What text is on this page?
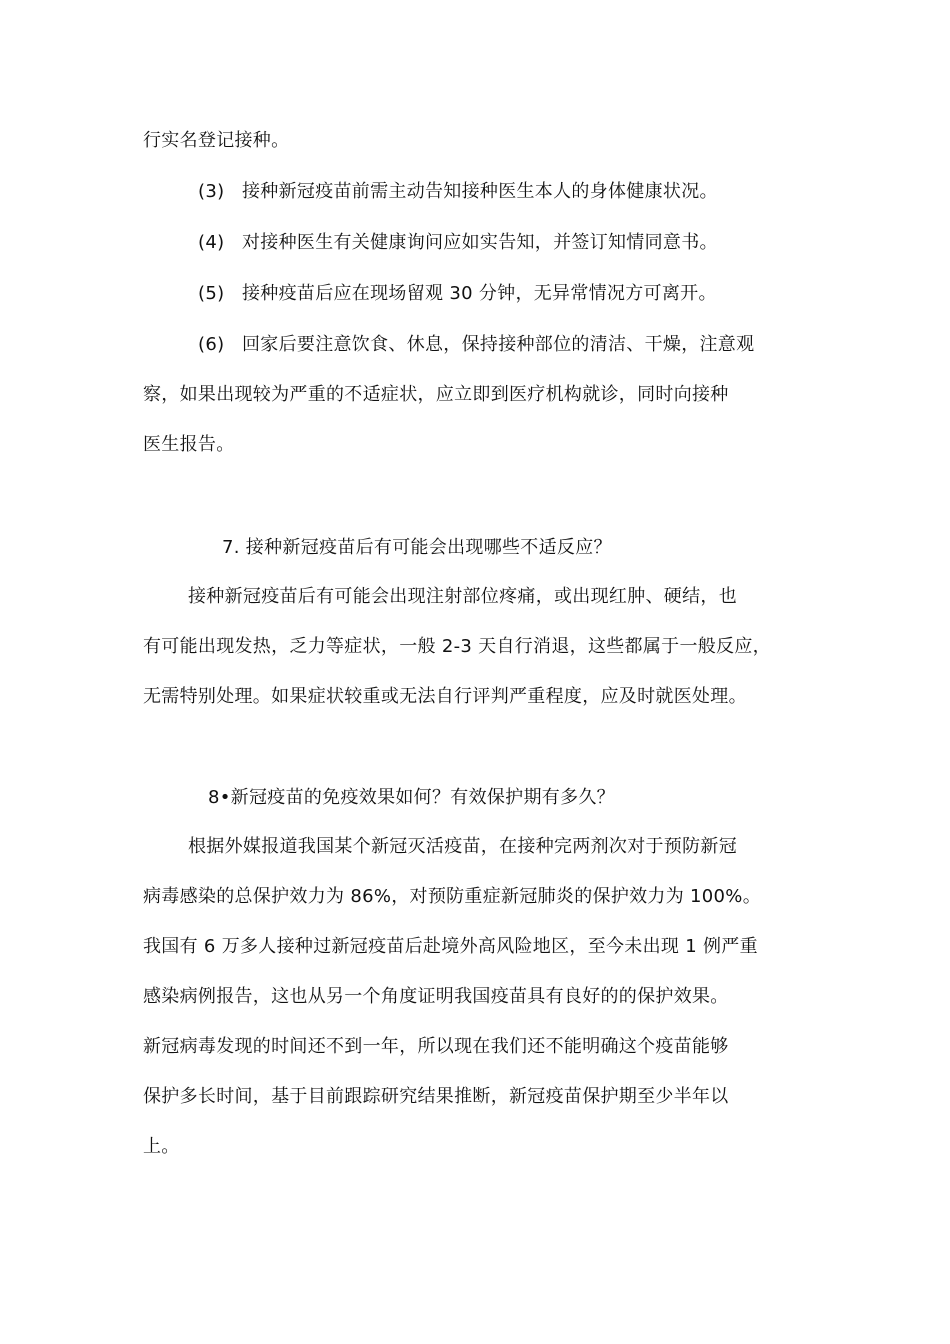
行实名登记接种。
(3) 接种新冠疫苗前需主动告知接种医生本人的身体健康状况。
(4) 对接种医生有关健康询问应如实告知，并签订知情同意书。
(5) 接种疫苗后应在现场留观 30 分钟，无异常情况方可离开。
(6) 回家后要注意饮食、休息，保持接种部位的清洁、干燥，注意观
察，如果出现较为严重的不适症状，应立即到医疗机构就诊，同时向接种
医生报告。
7. 接种新冠疫苗后有可能会出现哪些不适反应？
接种新冠疫苗后有可能会出现注射部位疼痛，或出现红肿、硬结，也
有可能出现发热，乏力等症状，一般 2-3 天自行消退，这些都属于一般反应，
无需特别处理。如果症状较重或无法自行评判严重程度，应及时就医处理。
8•新冠疫苗的免疫效果如何？有效保护期有多久？
根据外媒报道我国某个新冠灭活疫苗，在接种完两剂次对于预防新冠
病毒感染的总保护效力为 86%，对预防重症新冠肺炎的保护效力为 100%。
我国有 6 万多人接种过新冠疫苗后赴境外高风险地区，至今未出现 1 例严重
感染病例报告，这也从另一个角度证明我国疫苗具有良好的的保护效果。
新冠病毒发现的时间还不到一年，所以现在我们还不能明确这个疫苗能够
保护多长时间，基于目前跟踪研究结果推断，新冠疫苗保护期至少半年以
上。
